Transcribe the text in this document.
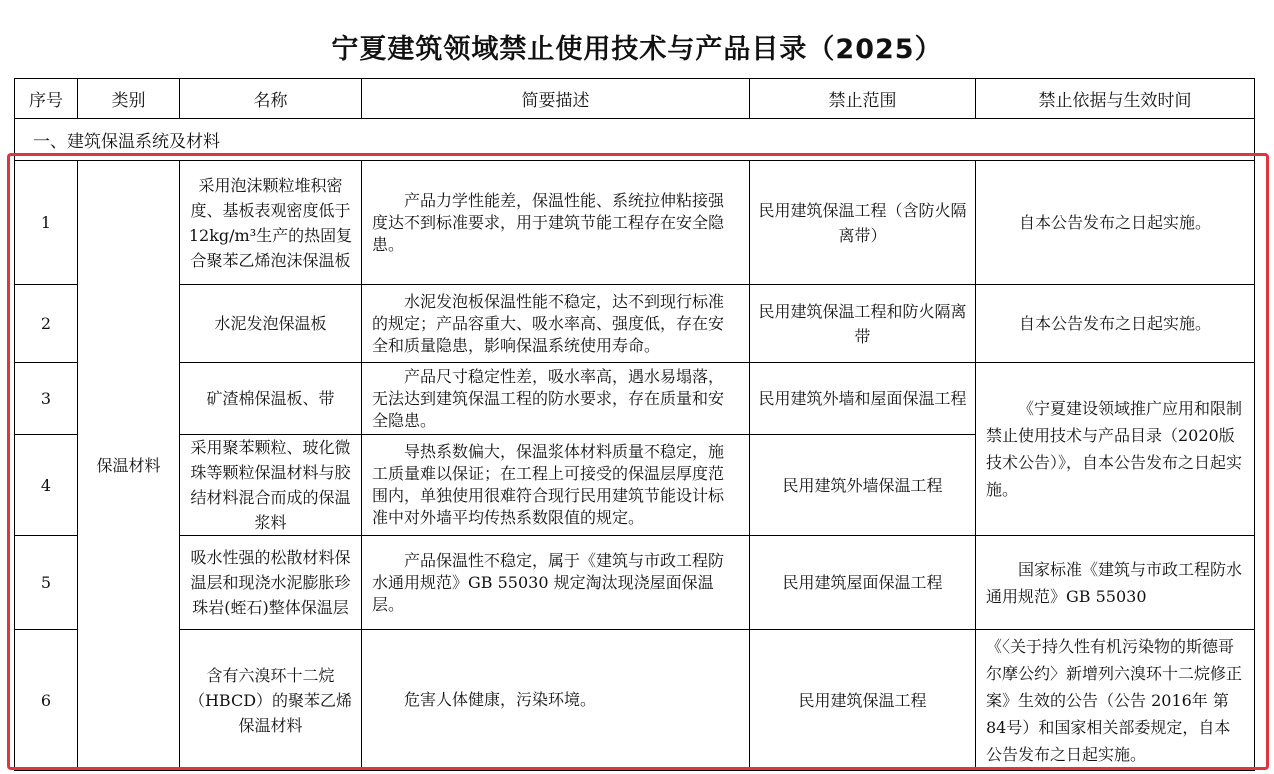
宁夏建筑领域禁止使用技术与产品目录（2025）
序号	类别	名称	简要描述	禁止范围	禁止依据与生效时间
一、建筑保温系统及材料					
1	保温材料	采用泡沫颗粒堆积密度、基板表观密度低于12kg/m³生产的热固复合聚苯乙烯泡沫保温板	产品力学性能差，保温性能、系统拉伸粘接强度达不到标准要求，用于建筑节能工程存在安全隐患。	民用建筑保温工程（含防火隔离带）	自本公告发布之日起实施。
2		水泥发泡保温板	水泥发泡板保温性能不稳定，达不到现行标准的规定；产品容重大、吸水率高、强度低，存在安全和质量隐患，影响保温系统使用寿命。	民用建筑保温工程和防火隔离带	自本公告发布之日起实施。
3		矿渣棉保温板、带	产品尺寸稳定性差，吸水率高，遇水易塌落，无法达到建筑保温工程的防水要求，存在质量和安全隐患。	民用建筑外墙和屋面保温工程	《宁夏建设领域推广应用和限制禁止使用技术与产品目录（2020版技术公告）》，自本公告发布之日起实施。
4		采用聚苯颗粒、玻化微珠等颗粒保温材料与胶结材料混合而成的保温浆料	导热系数偏大，保温浆体材料质量不稳定，施工质量难以保证；在工程上可接受的保温层厚度范围内，单独使用很难符合现行民用建筑节能设计标准中对外墙平均传热系数限值的规定。	民用建筑外墙保温工程	
5		吸水性强的松散材料保温层和现浇水泥膨胀珍珠岩(蛭石)整体保温层	产品保温性不稳定，属于《建筑与市政工程防水通用规范》GB 55030 规定淘汰现浇屋面保温层。	民用建筑屋面保温工程	国家标准《建筑与市政工程防水通用规范》GB 55030
6		含有六溴环十二烷（HBCD）的聚苯乙烯保温材料	危害人体健康，污染环境。	民用建筑保温工程	《〈关于持久性有机污染物的斯德哥尔摩公约〉新增列六溴环十二烷修正案》生效的公告（公告 2016年 第84号）和国家相关部委规定，自本公告发布之日起实施。
